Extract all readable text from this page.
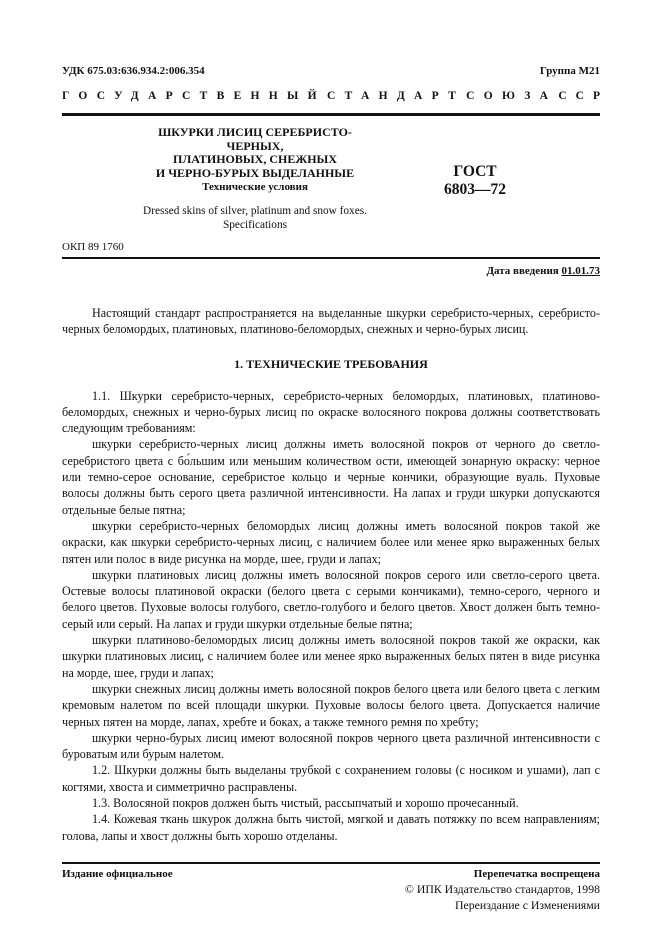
УДК 675.03:636.934.2:006.354	Группа М21
ГОСУДАРСТВЕННЫЙ СТАНДАРТ СОЮЗА ССР
ШКУРКИ ЛИСИЦ СЕРЕБРИСТО-ЧЕРНЫХ,
ПЛАТИНОВЫХ, СНЕЖНЫХ
И ЧЕРНО-БУРЫХ ВЫДЕЛАННЫЕ	ГОСТ
6803—72
Технические условия
Dressed skins of silver, platinum and snow foxes.
Specifications
ОКП 89 1760
Дата введения 01.01.73

Настоящий стандарт распространяется на выделанные шкурки серебристо-черных, серебристо-черных беломордых, платиновых, платиново-беломордых, снежных и черно-бурых лисиц.

1. ТЕХНИЧЕСКИЕ ТРЕБОВАНИЯ

1.1. Шкурки серебристо-черных, серебристо-черных беломордых, платиновых, платиново-беломордых, снежных и черно-бурых лисиц по окраске волосяного покрова должны соответствовать следующим требованиям:

шкурки серебристо-черных лисиц должны иметь волосяной покров от черного до светло-серебристого цвета с бо́льшим или меньшим количеством ости, имеющей зонарную окраску: черное или темно-серое основание, серебристое кольцо и черные кончики, образующие вуаль. Пуховые волосы должны быть серого цвета различной интенсивности. На лапах и груди шкурки допускаются отдельные белые пятна;

шкурки серебристо-черных беломордых лисиц должны иметь волосяной покров такой же окраски, как шкурки серебристо-черных лисиц, с наличием более или менее ярко выраженных белых пятен или полос в виде рисунка на морде, шее, груди и лапах;

шкурки платиновых лисиц должны иметь волосяной покров серого или светло-серого цвета. Остевые волосы платиновой окраски (белого цвета с серыми кончиками), темно-серого, черного и белого цветов. Пуховые волосы голубого, светло-голубого и белого цветов. Хвост должен быть темно-серый или серый. На лапах и груди шкурки отдельные белые пятна;

шкурки платиново-беломордых лисиц должны иметь волосяной покров такой же окраски, как шкурки платиновых лисиц, с наличием более или менее ярко выраженных белых пятен в виде рисунка на морде, шее, груди и лапах;

шкурки снежных лисиц должны иметь волосяной покров белого цвета или белого цвета с легким кремовым налетом по всей площади шкурки. Пуховые волосы белого цвета. Допускается наличие черных пятен на морде, лапах, хребте и боках, а также темного ремня по хребту;

шкурки черно-бурых лисиц имеют волосяной покров черного цвета различной интенсивности с буроватым или бурым налетом.

1.2. Шкурки должны быть выделаны трубкой с сохранением головы (с носиком и ушами), лап с когтями, хвоста и симметрично расправлены.

1.3. Волосяной покров должен быть чистый, рассыпчатый и хорошо прочесанный.

1.4. Кожевая ткань шкурок должна быть чистой, мягкой и давать потяжку по всем направлениям; голова, лапы и хвост должны быть хорошо отделаны.

Издание официальное	Перепечатка воспрещена
© ИПК Издательство стандартов, 1998
Переиздание с Изменениями
